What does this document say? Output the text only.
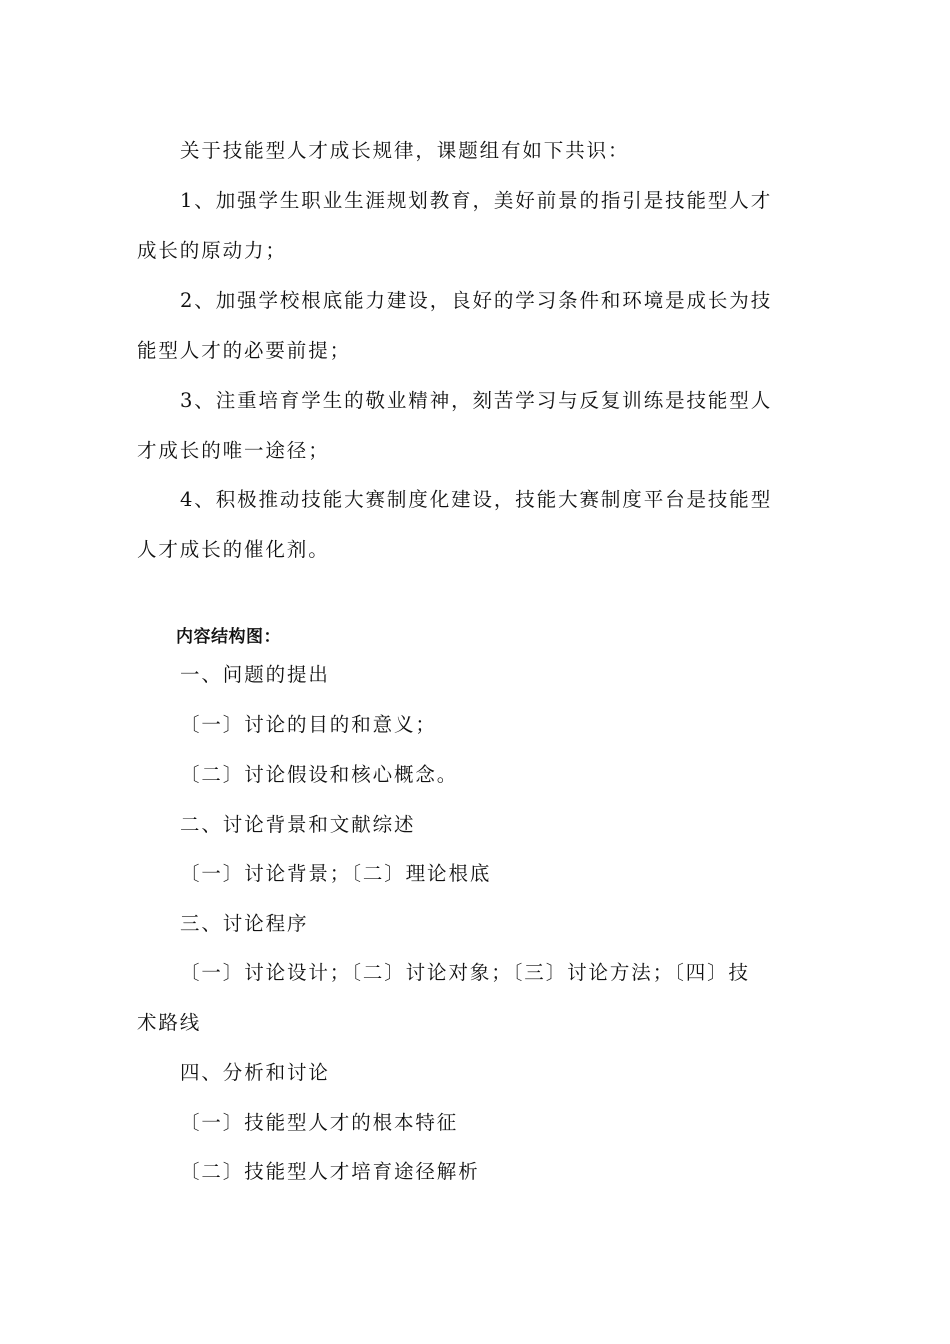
关于技能型人才成长规律，课题组有如下共识：
1、加强学生职业生涯规划教育，美好前景的指引是技能型人才
成长的原动力；
2、加强学校根底能力建设，良好的学习条件和环境是成长为技
能型人才的必要前提；
3、注重培育学生的敬业精神，刻苦学习与反复训练是技能型人
才成长的唯一途径；
4、积极推动技能大赛制度化建设，技能大赛制度平台是技能型
人才成长的催化剂。
内容结构图：
一、问题的提出
〔一〕讨论的目的和意义；
〔二〕讨论假设和核心概念。
二、讨论背景和文献综述
〔一〕讨论背景；〔二〕理论根底
三、讨论程序
〔一〕讨论设计；〔二〕讨论对象；〔三〕讨论方法；〔四〕技
术路线
四、分析和讨论
〔一〕技能型人才的根本特征
〔二〕技能型人才培育途径解析
